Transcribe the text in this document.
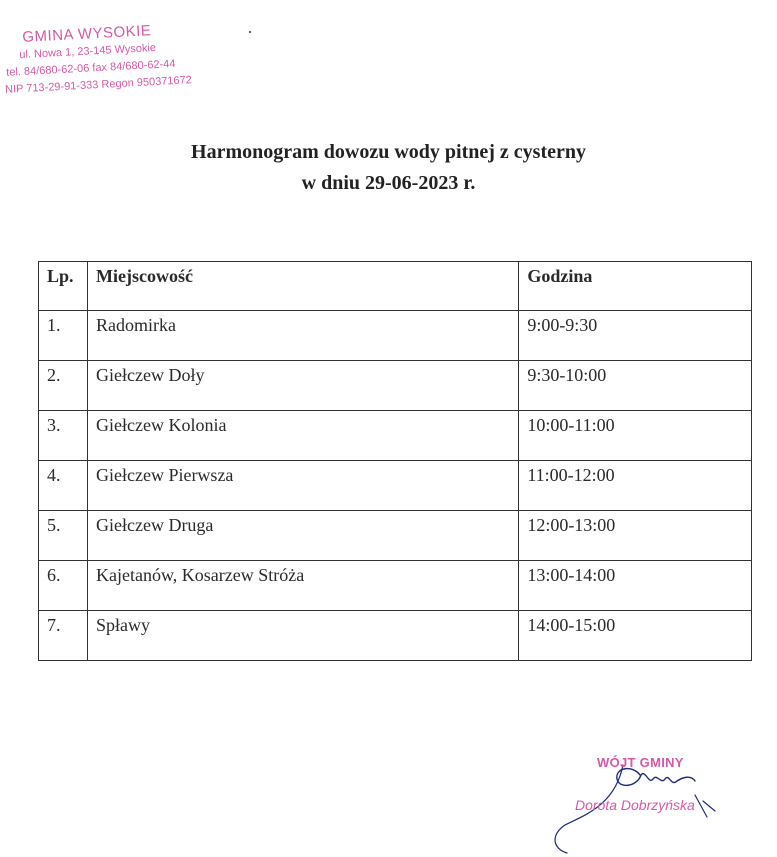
GMINA WYSOKIE
ul. Nowa 1, 23-145 Wysokie
tel. 84/680-62-06 fax 84/680-62-44
NIP 713-29-91-333 Regon 950371672
Harmonogram dowozu wody pitnej z cysterny
w dniu 29-06-2023 r.
Lp.	Miejscowość	Godzina
1.	Radomirka	9:00-9:30
2.	Giełczew Doły	9:30-10:00
3.	Giełczew Kolonia	10:00-11:00
4.	Giełczew Pierwsza	11:00-12:00
5.	Giełczew Druga	12:00-13:00
6.	Kajetanów, Kosarzew Stróża	13:00-14:00
7.	Spławy	14:00-15:00
WÓJT GMINY
Dorota Dobrzyńska
